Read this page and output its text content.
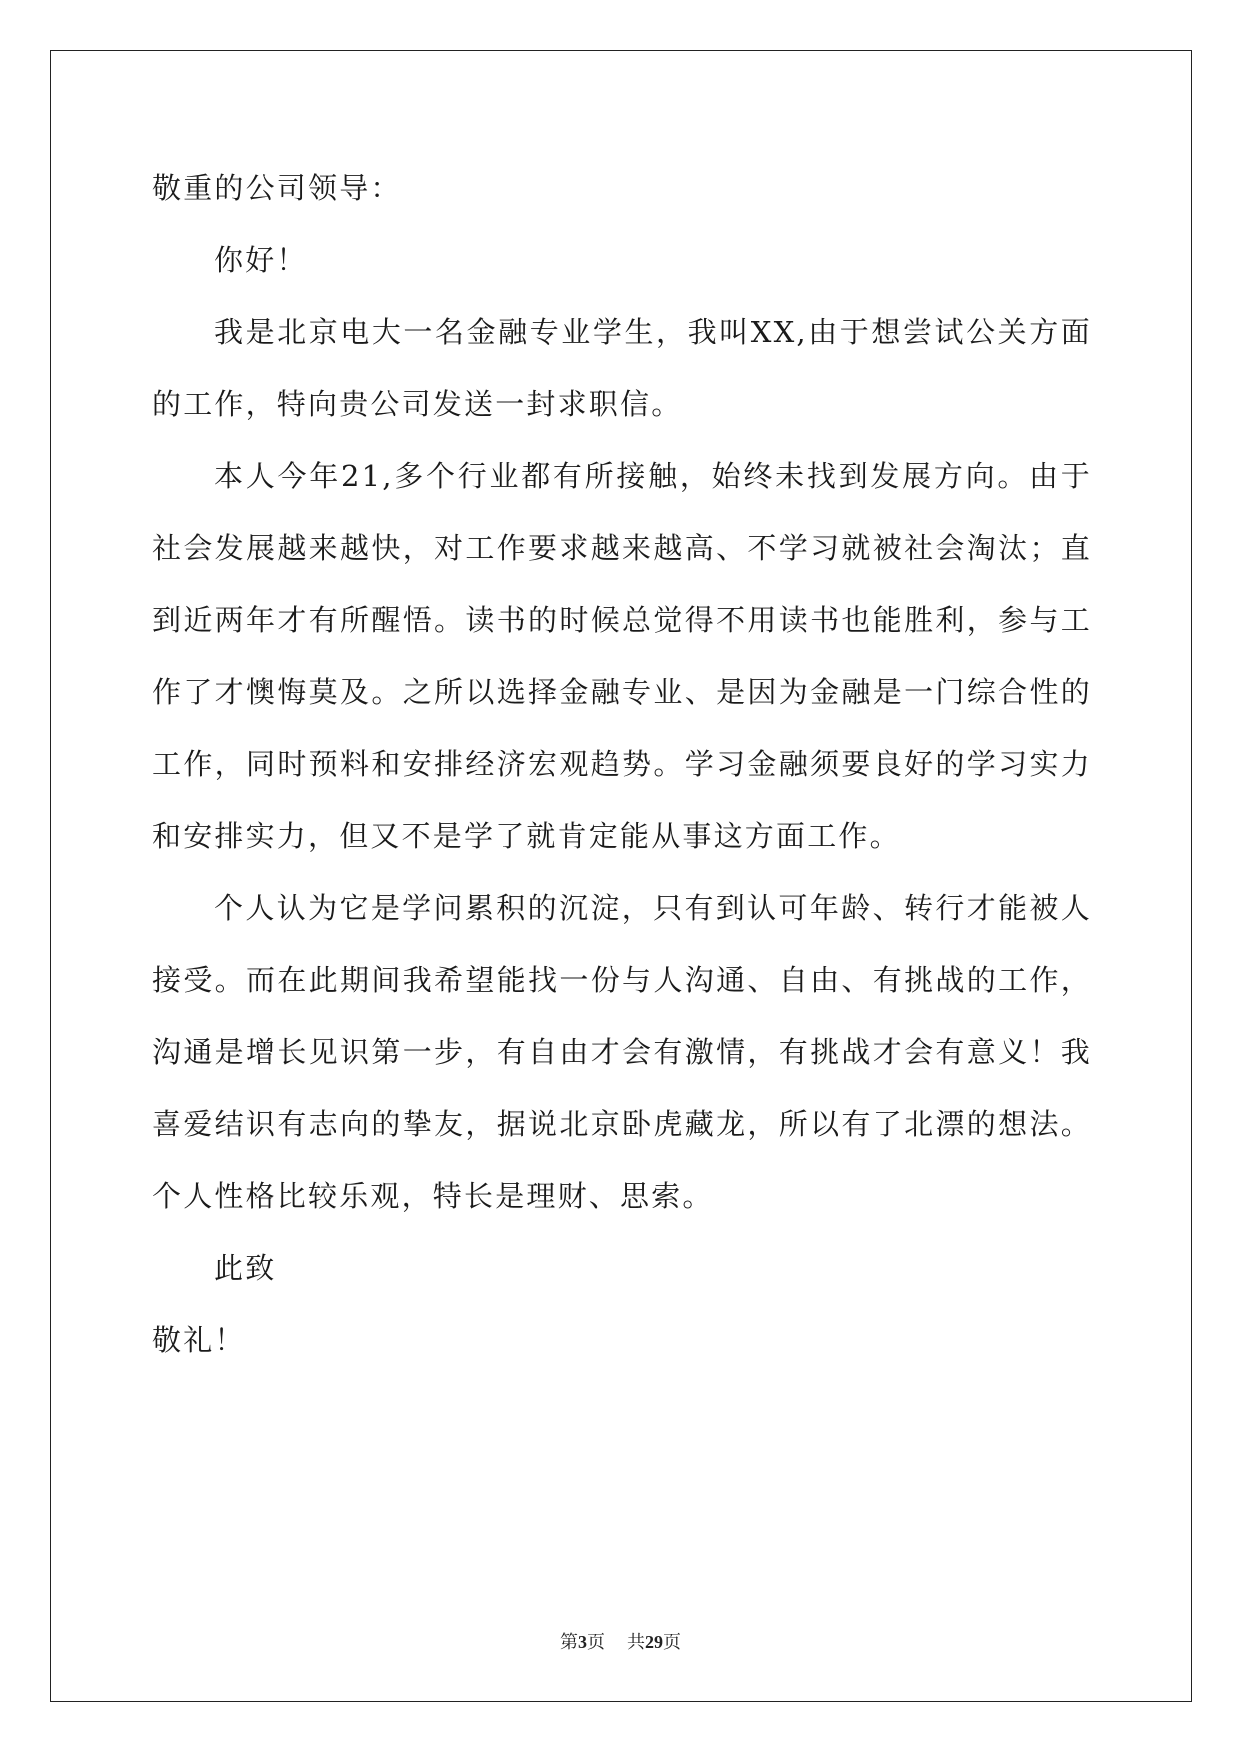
敬重的公司领导：
你好！
我是北京电大一名金融专业学生，我叫XX,由于想尝试公关方面
的工作，特向贵公司发送一封求职信。
本人今年21,多个行业都有所接触，始终未找到发展方向。由于
社会发展越来越快，对工作要求越来越高、不学习就被社会淘汰；直
到近两年才有所醒悟。读书的时候总觉得不用读书也能胜利，参与工
作了才懊悔莫及。之所以选择金融专业、是因为金融是一门综合性的
工作，同时预料和安排经济宏观趋势。学习金融须要良好的学习实力
和安排实力，但又不是学了就肯定能从事这方面工作。
个人认为它是学问累积的沉淀，只有到认可年龄、转行才能被人
接受。而在此期间我希望能找一份与人沟通、自由、有挑战的工作，
沟通是增长见识第一步，有自由才会有激情，有挑战才会有意义！我
喜爱结识有志向的挚友，据说北京卧虎藏龙，所以有了北漂的想法。
个人性格比较乐观，特长是理财、思索。
此致
敬礼！
第3页 共29页
